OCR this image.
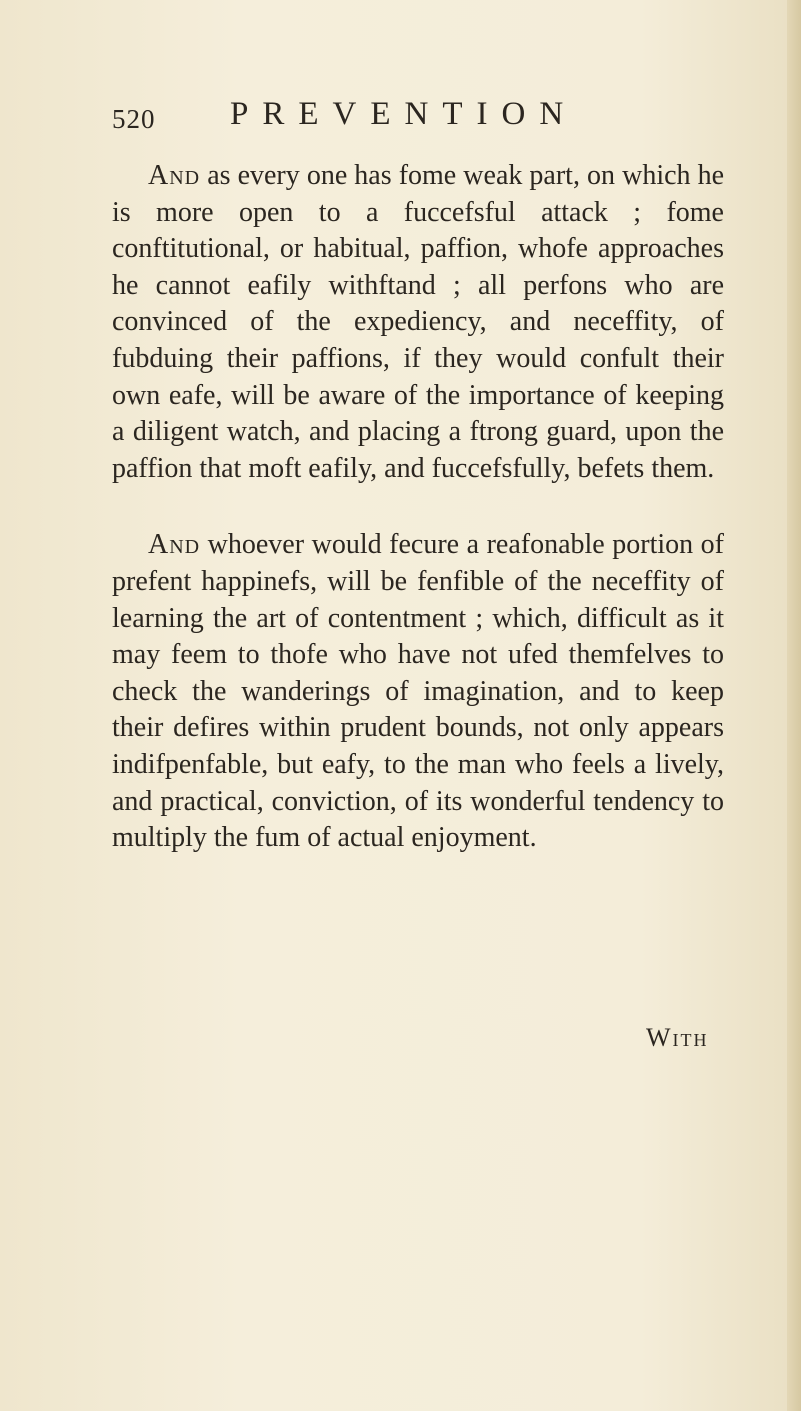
520 PREVENTION

And as every one has fome weak part, on which he is more open to a fuccefsful attack ; fome conftitutional, or habitual, paffion, whofe approaches he cannot eafily withftand ; all perfons who are convinced of the expediency, and neceffity, of fubduing their paffions, if they would confult their own eafe, will be aware of the importance of keeping a diligent watch, and placing a ftrong guard, upon the paffion that moft eafily, and fuccefsfully, befets them.

And whoever would fecure a reafonable portion of prefent happinefs, will be fenfible of the neceffity of learning the art of contentment ; which, difficult as it may feem to thofe who have not ufed themfelves to check the wanderings of imagination, and to keep their defires within prudent bounds, not only appears indifpenfable, but eafy, to the man who feels a lively, and practical, conviction, of its wonderful tendency to multiply the fum of actual enjoyment.

With
